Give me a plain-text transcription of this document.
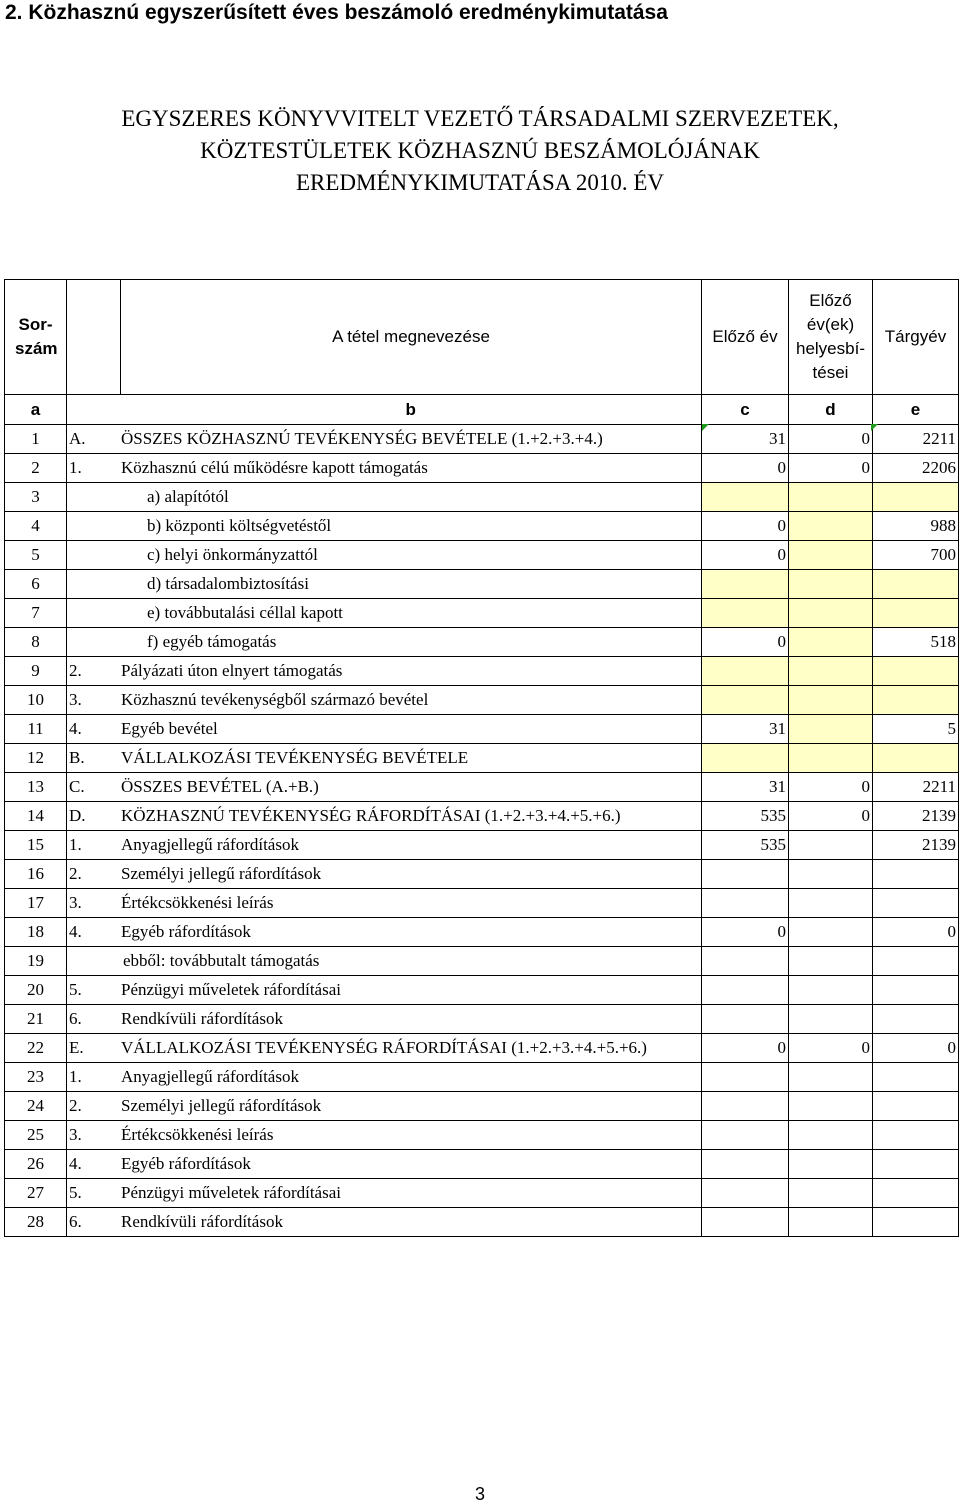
2. Közhasznú egyszerűsített éves beszámoló eredménykimutatása
EGYSZERES KÖNYVVITELT VEZETŐ TÁRSADALMI SZERVEZETEK,
KÖZTESTÜLETEK KÖZHASZNÚ BESZÁMOLÓJÁNAK
EREDMÉNYKIMUTATÁSA 2010. ÉV
Sor-szám		A tétel megnevezése	Előző év	Előző év(ek) helyesbí-tései	Tárgyév
a		b	c	d	e
1	A. ÖSSZES KÖZHASZNÚ TEVÉKENYSÉG BEVÉTELE (1.+2.+3.+4.)		31	0	2211
2	1. Közhasznú célú működésre kapott támogatás		0	0	2206
3	a) alapítótól				
4	b) központi költségvetéstől		0		988
5	c) helyi önkormányzattól		0		700
6	d) társadalombiztosítási				
7	e) továbbutalási céllal kapott				
8	f) egyéb támogatás		0		518
9	2. Pályázati úton elnyert támogatás				
10	3. Közhasznú tevékenységből származó bevétel				
11	4. Egyéb bevétel		31		5
12	B. VÁLLALKOZÁSI TEVÉKENYSÉG BEVÉTELE				
13	C. ÖSSZES BEVÉTEL (A.+B.)		31	0	2211
14	D. KÖZHASZNÚ TEVÉKENYSÉG RÁFORDÍTÁSAI (1.+2.+3.+4.+5.+6.)		535	0	2139
15	1. Anyagjellegű ráfordítások		535		2139
16	2. Személyi jellegű ráfordítások				
17	3. Értékcsökkenési leírás				
18	4. Egyéb ráfordítások		0		0
19	ebből: továbbutalt támogatás				
20	5. Pénzügyi műveletek ráfordításai				
21	6. Rendkívüli ráfordítások				
22	E. VÁLLALKOZÁSI TEVÉKENYSÉG RÁFORDÍTÁSAI (1.+2.+3.+4.+5.+6.)		0	0	0
23	1. Anyagjellegű ráfordítások				
24	2. Személyi jellegű ráfordítások				
25	3. Értékcsökkenési leírás				
26	4. Egyéb ráfordítások				
27	5. Pénzügyi műveletek ráfordításai				
28	6. Rendkívüli ráfordítások				
3
